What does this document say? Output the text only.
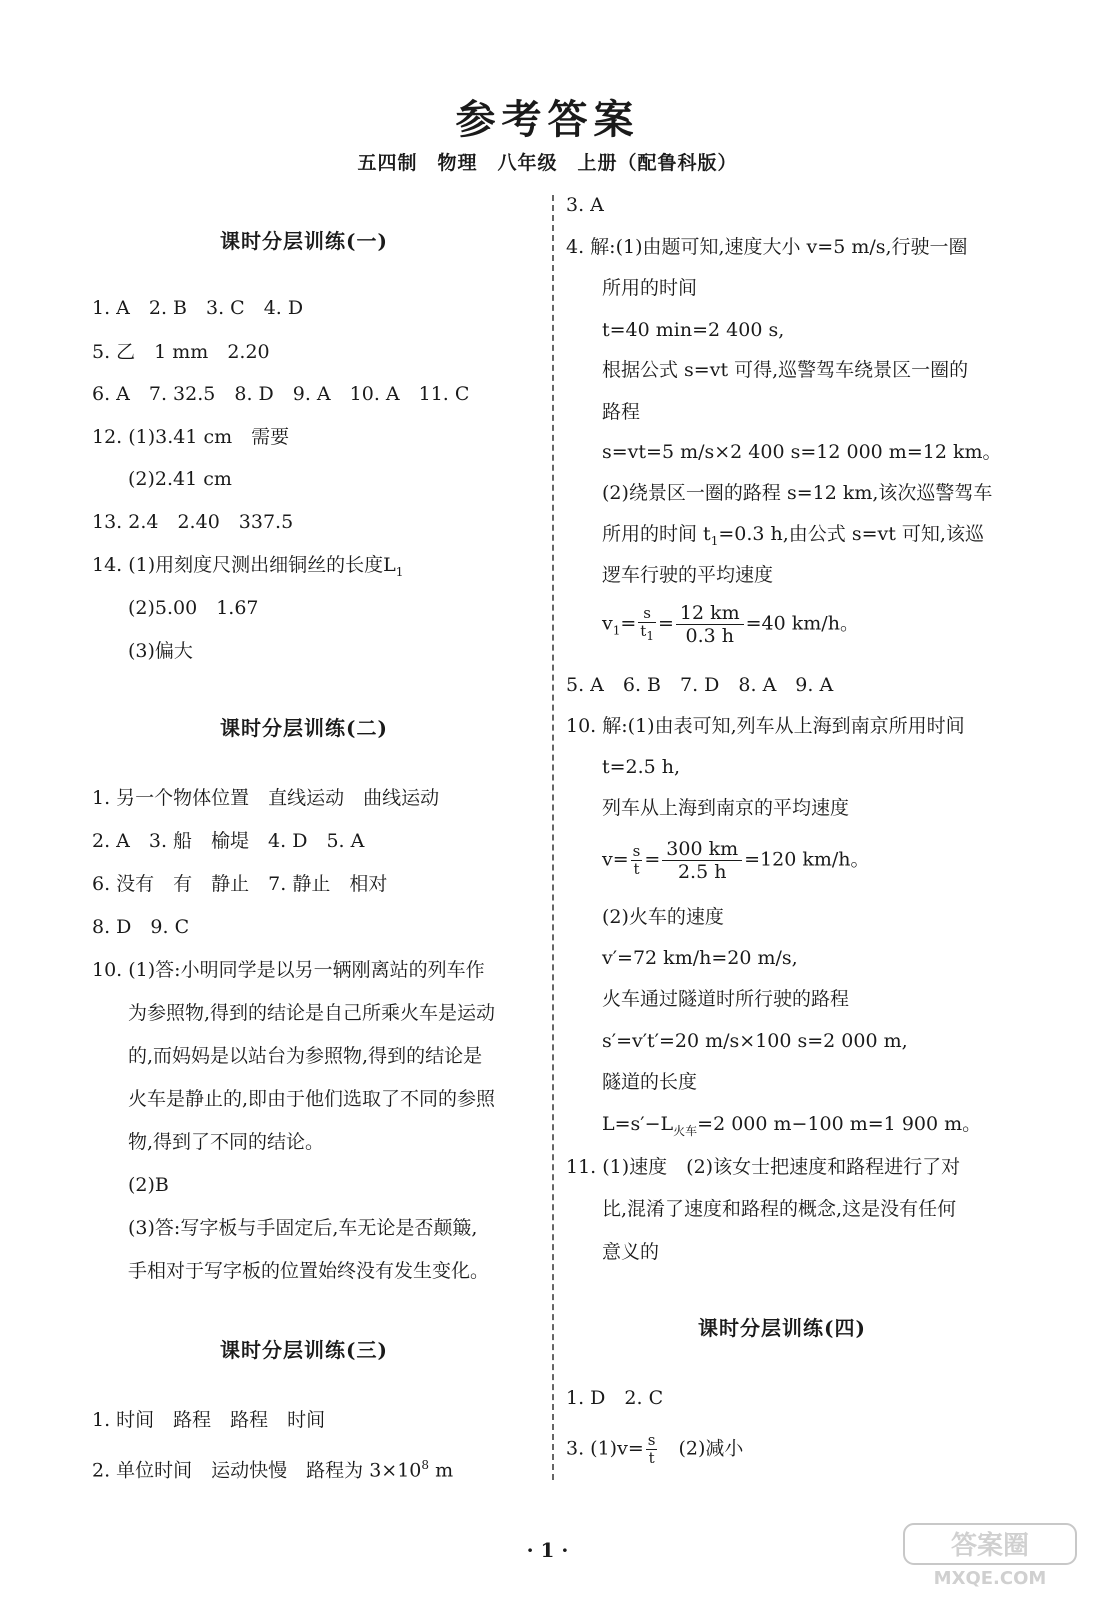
参考答案
五四制　物理　八年级　上册（配鲁科版）
课时分层训练(一)
1. A　2. B　3. C　4. D
5. 乙　1 mm　2.20
6. A　7. 32.5　8. D　9. A　10. A　11. C
12. (1)3.41 cm　需要
(2)2.41 cm
13. 2.4　2.40　337.5
14. (1)用刻度尺测出细铜丝的长度$L_1$
(2)5.00　1.67
(3)偏大
课时分层训练(二)
1. 另一个物体位置　直线运动　曲线运动
2. A　3. 船　榆堤　4. D　5. A
6. 没有　有　静止　7. 静止　相对
8. D　9. C
10. (1)答:小明同学是以另一辆刚离站的列车作
为参照物,得到的结论是自己所乘火车是运动
的,而妈妈是以站台为参照物,得到的结论是
火车是静止的,即由于他们选取了不同的参照
物,得到了不同的结论。
(2)B
(3)答:写字板与手固定后,车无论是否颠簸,
手相对于写字板的位置始终没有发生变化。
课时分层训练(三)
1. 时间　路程　路程　时间
2. 单位时间　运动快慢　路程为 $3\times 10^8$ m
3. A
4. 解:(1)由题可知,速度大小 v=5 m/s,行驶一圈
所用的时间
t=40 min=2 400 s,
根据公式 s=vt 可得,巡警驾车绕景区一圈的
路程
s=vt=5 m/s×2 400 s=12 000 m=12 km。
(2)绕景区一圈的路程 s=12 km,该次巡警驾车
所用的时间 $t_1=0.3$ h,由公式 s=vt 可知,该巡
逻车行驶的平均速度
$v_1= \frac{s}{t_1} = \frac{12 km}{0.3 h} =40$ km/h。
5. A　6. B　7. D　8. A　9. A
10. 解:(1)由表可知,列车从上海到南京所用时间
t=2.5 h,
列车从上海到南京的平均速度
$v= \frac{s}{t} = \frac{300 km}{2.5 h} =120$ km/h。
(2)火车的速度
v′=72 km/h=20 m/s,
火车通过隧道时所行驶的路程
s′=v′t′=20 m/s×100 s=2 000 m,
隧道的长度
$L=s'-L_{火车}=2$ 000 m−100 m=1 900 m。
11. (1)速度　(2)该女士把速度和路程进行了对
比,混淆了速度和路程的概念,这是没有任何
意义的
课时分层训练(四)
1. D　2. C
3. $(1)v= \frac{s}{t}$
　 (2)减小
· 1 ·	答案圈
MXQE.COM
